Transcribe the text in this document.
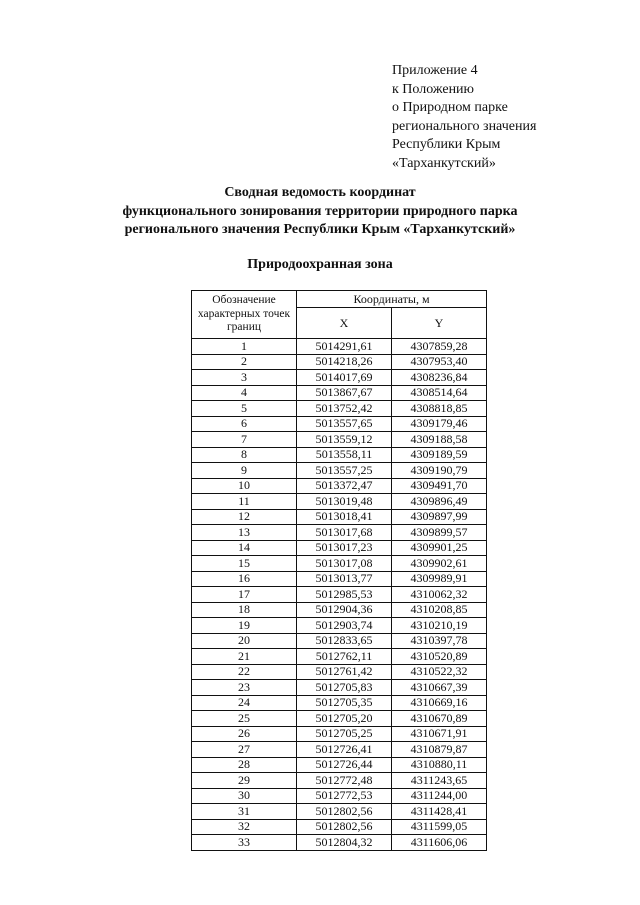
Приложение 4
к Положению
о Природном парке
регионального значения
Республики Крым
«Тарханкутский»
Сводная ведомость координат
функционального зонирования территории природного парка
регионального значения Республики Крым «Тарханкутский»
Природоохранная зона
Обозначение характерных точек границ	Координаты, м	
	X	Y
1	5014291,61	4307859,28
2	5014218,26	4307953,40
3	5014017,69	4308236,84
4	5013867,67	4308514,64
5	5013752,42	4308818,85
6	5013557,65	4309179,46
7	5013559,12	4309188,58
8	5013558,11	4309189,59
9	5013557,25	4309190,79
10	5013372,47	4309491,70
11	5013019,48	4309896,49
12	5013018,41	4309897,99
13	5013017,68	4309899,57
14	5013017,23	4309901,25
15	5013017,08	4309902,61
16	5013013,77	4309989,91
17	5012985,53	4310062,32
18	5012904,36	4310208,85
19	5012903,74	4310210,19
20	5012833,65	4310397,78
21	5012762,11	4310520,89
22	5012761,42	4310522,32
23	5012705,83	4310667,39
24	5012705,35	4310669,16
25	5012705,20	4310670,89
26	5012705,25	4310671,91
27	5012726,41	4310879,87
28	5012726,44	4310880,11
29	5012772,48	4311243,65
30	5012772,53	4311244,00
31	5012802,56	4311428,41
32	5012802,56	4311599,05
33	5012804,32	4311606,06
